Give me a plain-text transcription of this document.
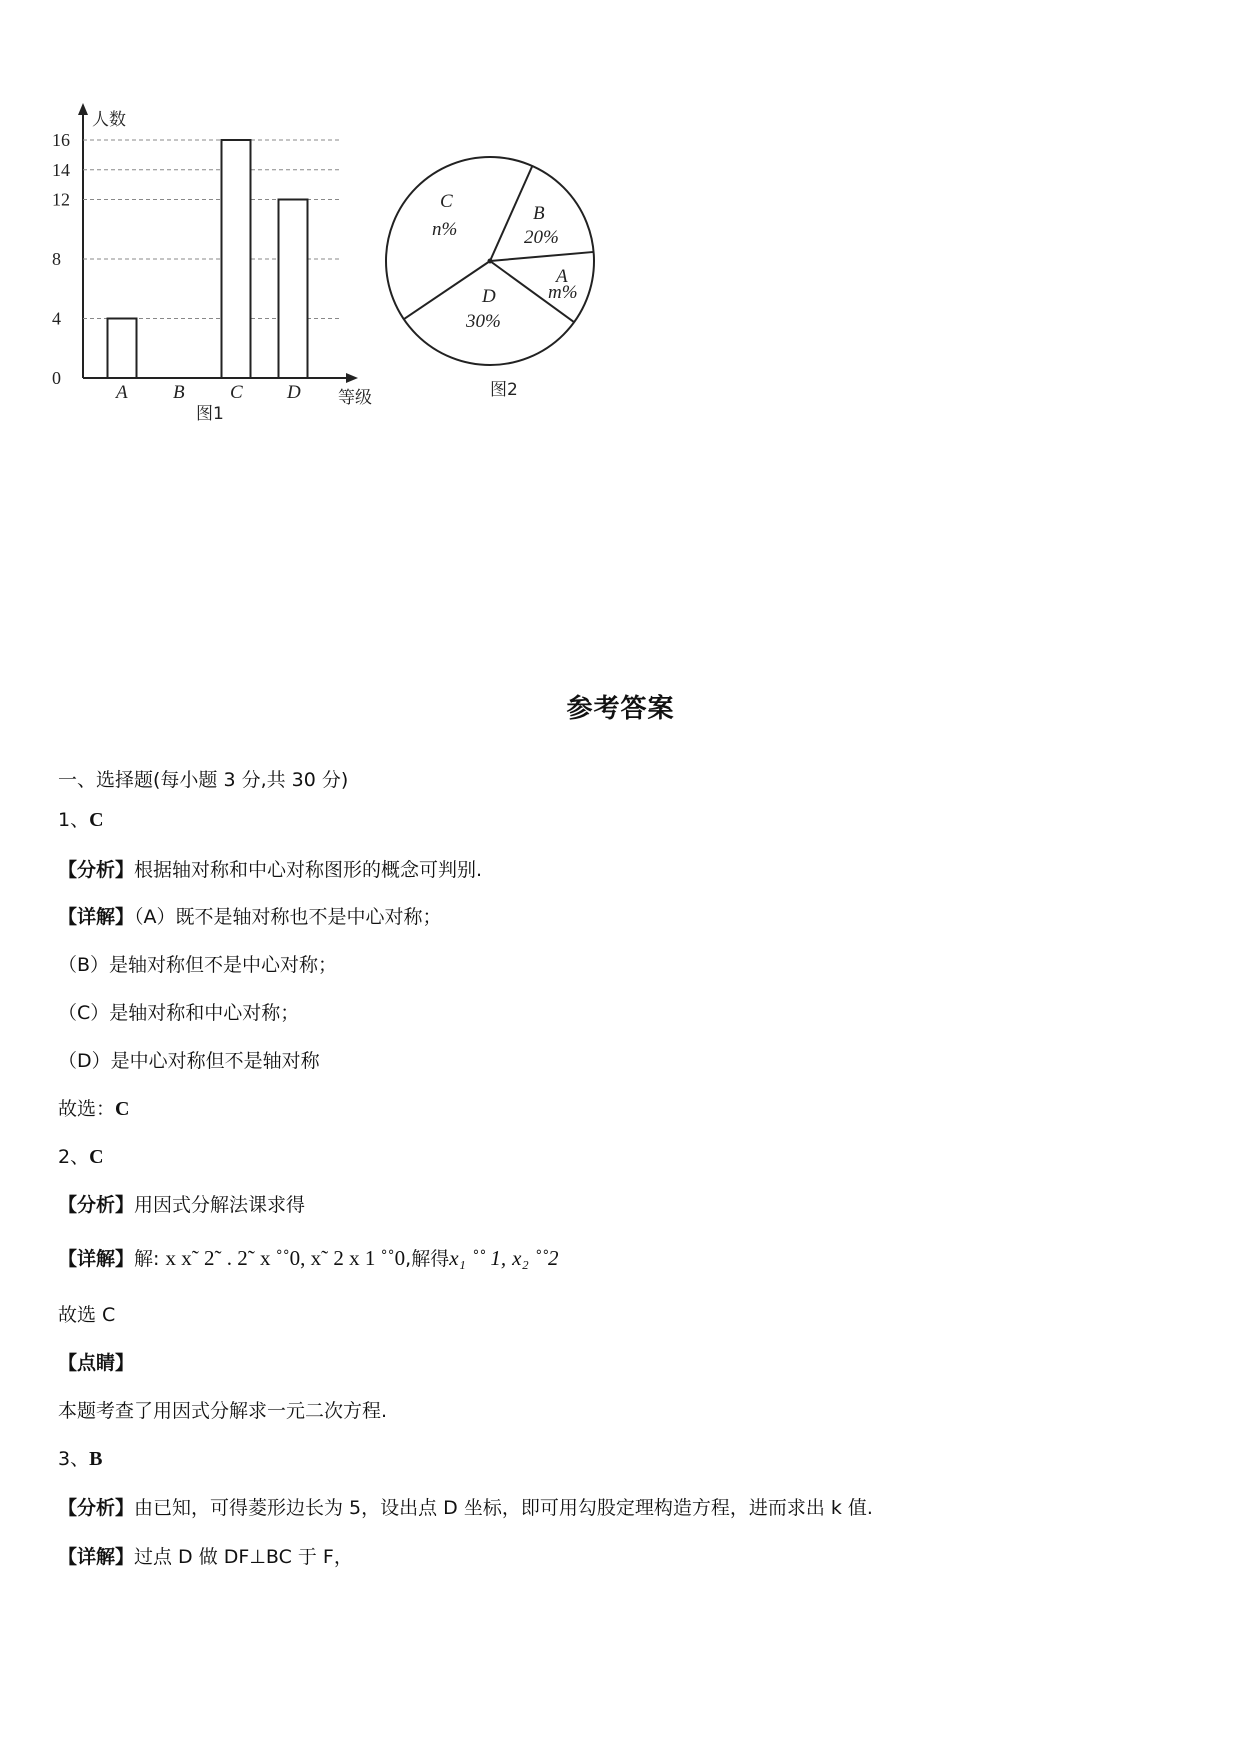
人数
等级
图1
0
4
8
12
14
16
A B C D
C
n%
B
20%
A
m%
D
30%
图2
参考答案
一、选择题(每小题 3 分,共 30 分)
1、C
【分析】根据轴对称和中心对称图形的概念可判别.
【详解】（A）既不是轴对称也不是中心对称；
（B）是轴对称但不是中心对称；
（C）是轴对称和中心对称；
（D）是中心对称但不是轴对称
故选：C
2、C
【分析】用因式分解法课求得
【详解】解: x x˜ 2˜ . 2˜ x ˚˚0, x˜ 2 x 1 ˚˚0,解得x₁ ˚˚ 1, x₂ ˚˚2
故选 C
【点睛】
本题考查了用因式分解求一元二次方程.
3、B
【分析】由已知，可得菱形边长为 5，设出点 D 坐标，即可用勾股定理构造方程，进而求出 k 值.
【详解】过点 D 做 DF⊥BC 于 F，
